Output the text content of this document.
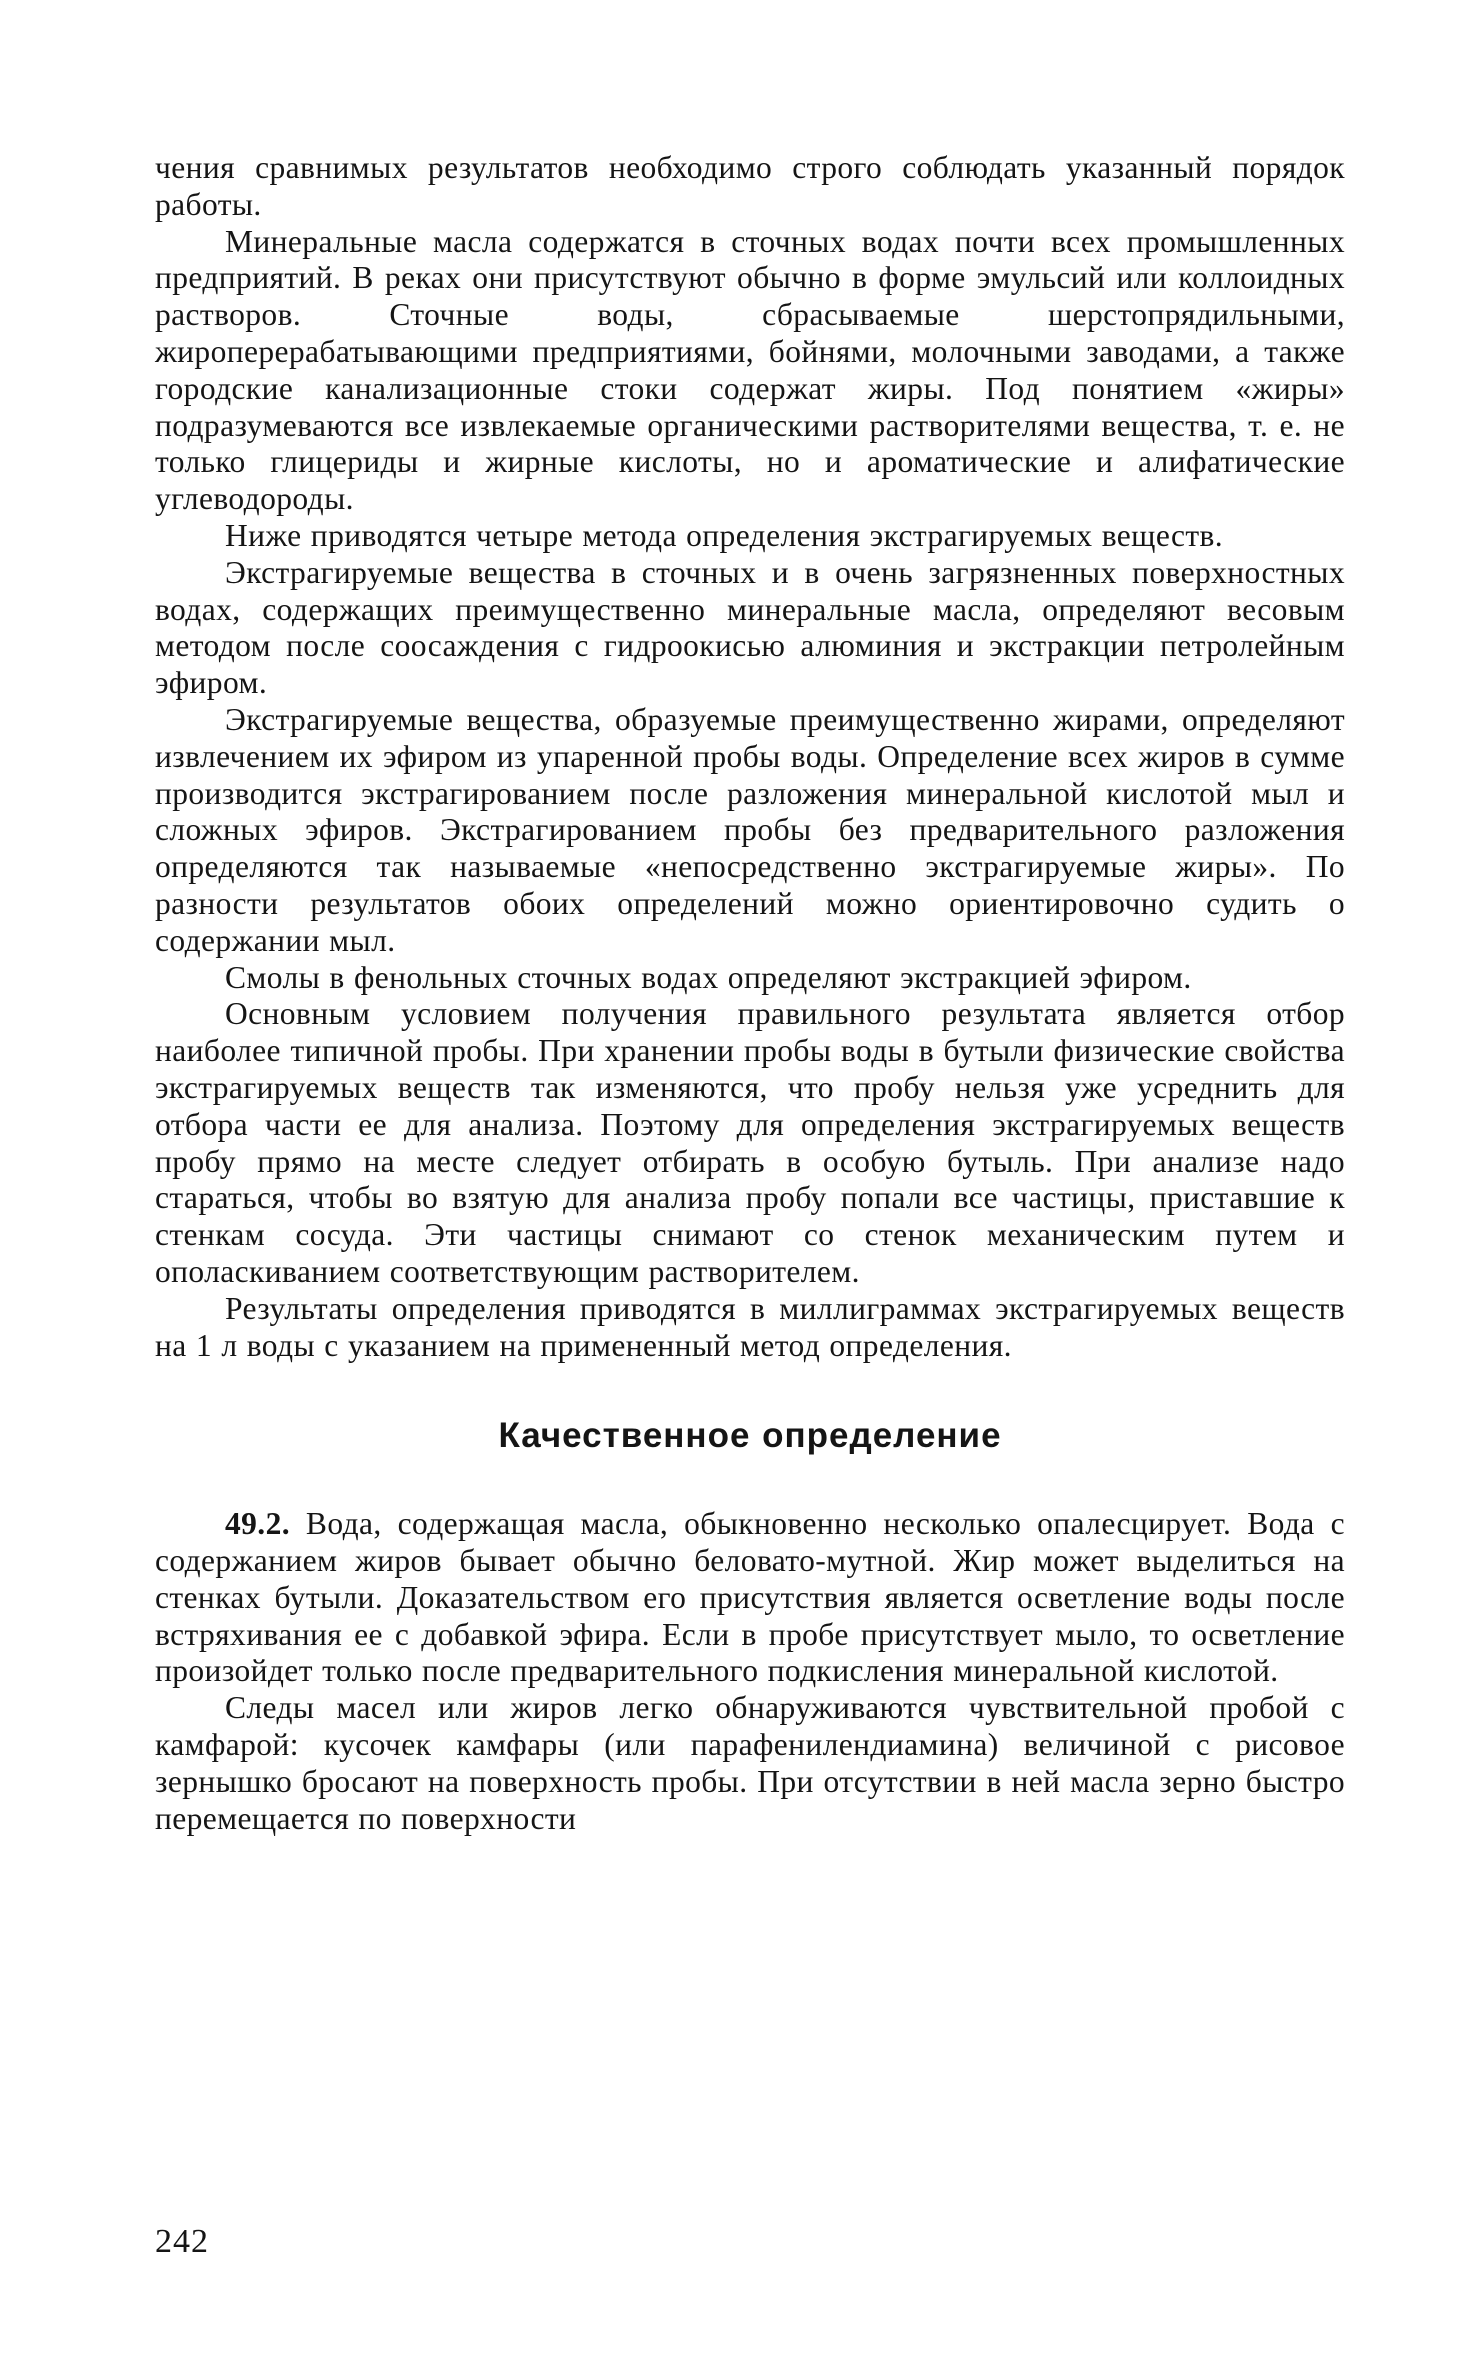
чения сравнимых результатов необходимо строго соблюдать указанный порядок работы.

Минеральные масла содержатся в сточных водах почти всех промышленных предприятий. В реках они присутствуют обычно в форме эмульсий или коллоидных растворов. Сточные воды, сбрасываемые шерстопрядильными, жироперерабатывающими предприятиями, бойнями, молочными заводами, а также городские канализационные стоки содержат жиры. Под понятием «жиры» подразумеваются все извлекаемые органическими растворителями вещества, т. е. не только глицериды и жирные кислоты, но и ароматические и алифатические углеводороды.

Ниже приводятся четыре метода определения экстрагируемых веществ.

Экстрагируемые вещества в сточных и в очень загрязненных поверхностных водах, содержащих преимущественно минеральные масла, определяют весовым методом после соосаждения с гидроокисью алюминия и экстракции петролейным эфиром.

Экстрагируемые вещества, образуемые преимущественно жирами, определяют извлечением их эфиром из упаренной пробы воды. Определение всех жиров в сумме производится экстрагированием после разложения минеральной кислотой мыл и сложных эфиров. Экстрагированием пробы без предварительного разложения определяются так называемые «непосредственно экстрагируемые жиры». По разности результатов обоих определений можно ориентировочно судить о содержании мыл.

Смолы в фенольных сточных водах определяют экстракцией эфиром.

Основным условием получения правильного результата является отбор наиболее типичной пробы. При хранении пробы воды в бутыли физические свойства экстрагируемых веществ так изменяются, что пробу нельзя уже усреднить для отбора части ее для анализа. Поэтому для определения экстрагируемых веществ пробу прямо на месте следует отбирать в особую бутыль. При анализе надо стараться, чтобы во взятую для анализа пробу попали все частицы, приставшие к стенкам сосуда. Эти частицы снимают со стенок механическим путем и ополаскиванием соответствующим растворителем.

Результаты определения приводятся в миллиграммах экстрагируемых веществ на 1 л воды с указанием на примененный метод определения.

Качественное определение

49.2. Вода, содержащая масла, обыкновенно несколько опалесцирует. Вода с содержанием жиров бывает обычно беловато-мутной. Жир может выделиться на стенках бутыли. Доказательством его присутствия является осветление воды после встряхивания ее с добавкой эфира. Если в пробе присутствует мыло, то осветление произойдет только после предварительного подкисления минеральной кислотой.

Следы масел или жиров легко обнаруживаются чувствительной пробой с камфарой: кусочек камфары (или парафенилендиамина) величиной с рисовое зернышко бросают на поверхность пробы. При отсутствии в ней масла зерно быстро перемещается по поверхности

242
